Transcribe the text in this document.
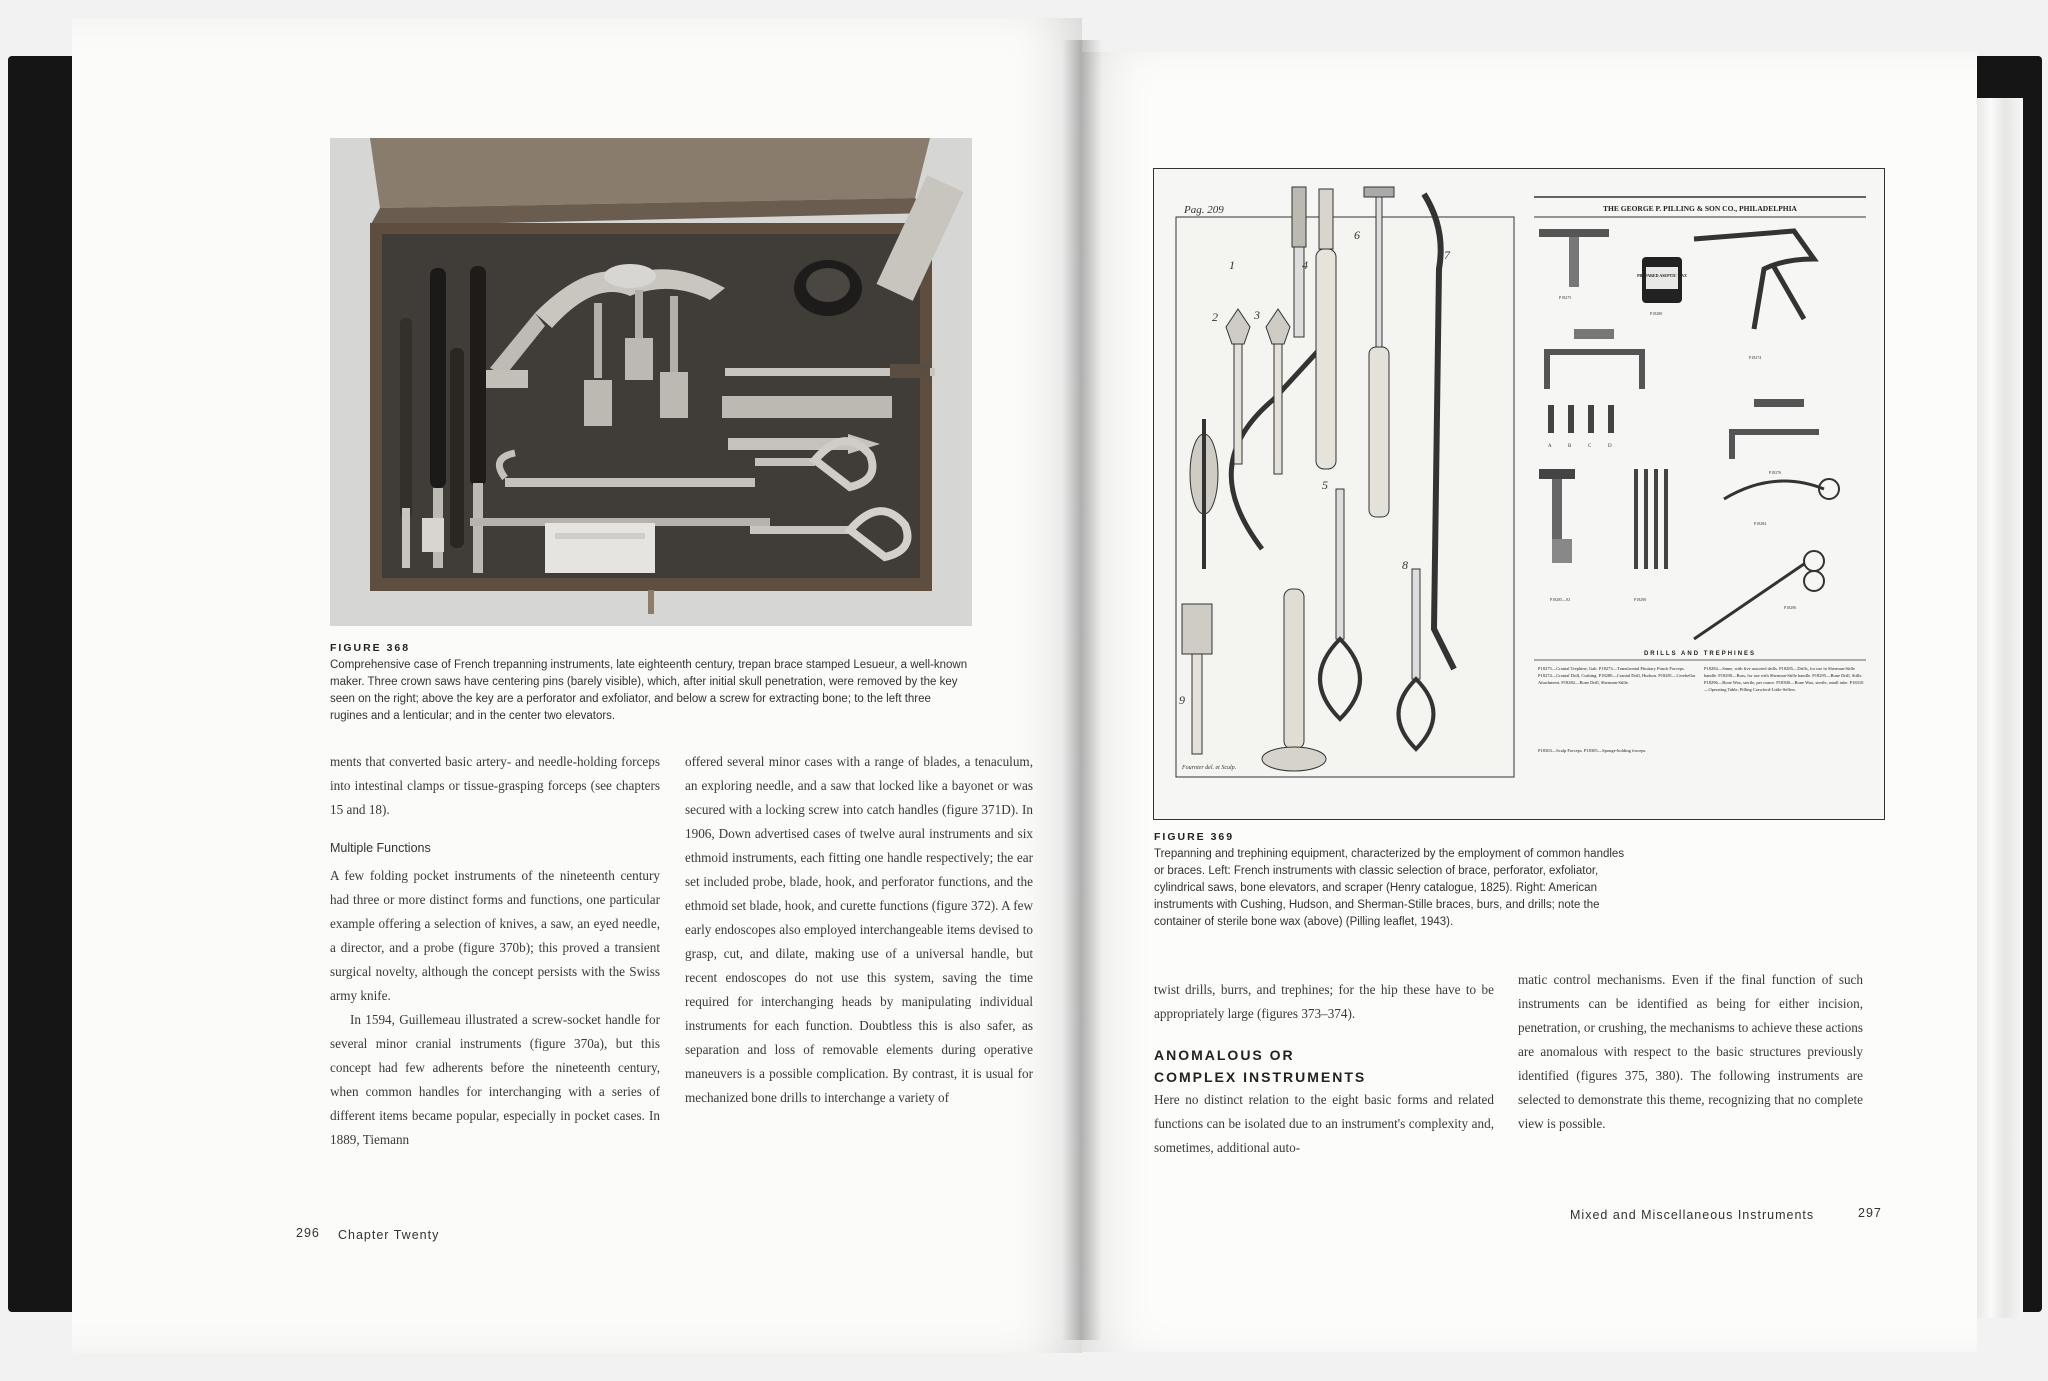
FIGURE 368

Comprehensive case of French trepanning instruments, late eighteenth century, trepan brace stamped Lesueur, a well-known maker. Three crown saws have centering pins (barely visible), which, after initial skull penetration, were removed by the key seen on the right; above the key are a perforator and exfoliator, and below a screw for extracting bone; to the left three rugines and a lenticular; and in the center two elevators.

ments that converted basic artery- and needle-holding forceps into intestinal clamps or tissue-grasping forceps (see chapters 15 and 18).

Multiple Functions

A few folding pocket instruments of the nineteenth century had three or more distinct forms and functions, one particular example offering a selection of knives, a saw, an eyed needle, a director, and a probe (figure 370b); this proved a transient surgical novelty, although the concept persists with the Swiss army knife.

In 1594, Guillemeau illustrated a screw-socket handle for several minor cranial instruments (figure 370a), but this concept had few adherents before the nineteenth century, when common handles for interchanging with a series of different items became popular, especially in pocket cases. In 1889, Tiemann

offered several minor cases with a range of blades, a tenaculum, an exploring needle, and a saw that locked like a bayonet or was secured with a locking screw into catch handles (figure 371D). In 1906, Down advertised cases of twelve aural instruments and six ethmoid instruments, each fitting one handle respectively; the ear set included probe, blade, hook, and perforator functions, and the ethmoid set blade, hook, and curette functions (figure 372). A few early endoscopes also employed interchangeable items devised to grasp, cut, and dilate, making use of a universal handle, but recent endoscopes do not use this system, saving the time required for interchanging heads by manipulating individual instruments for each function. Doubtless this is also safer, as separation and loss of removable elements during operative maneuvers is a possible complication. By contrast, it is usual for mechanized bone drills to interchange a variety of

296 Chapter Twenty
Pag. 209
1
2	3
4
6
7
5
8
9
Fournier del. et Sculp.
THE GEORGE P. PILLING & SON CO., PHILADELPHIA
P18275
PREPARED ASEPTIC WAX
P18280
P18274
A	B	C	D
P18276
P18285—92	P18290
P18284
P18296
DRILLS AND TREPHINES
P18275—Cranial Trephine, Galt. P18273—Transfrontal Pituitary Punch Forceps. P18274—Cranial Drill, Cushing. P18280—Cranial Drill, Hudson. P18281—Cerebellar Attachment. P18282—Bone Drill, Sherman-Stille.
P18284—Same, with five assorted drills. P18285—Drills, for use in Sherman-Stille handle. P18290—Burs, for use with Sherman-Stille handle. P18295—Bone Drill, Stille. P18296—Bone Wax, sterile, per ounce. P18300—Bone Wax, sterile, small tube. P18310—Operating Table, Pilling Crawford-Little-Sellew.
P18303—Scalp Forceps. P18305—Sponge-holding forceps.
FIGURE 369

Trepanning and trephining equipment, characterized by the employment of common handles or braces. Left: French instruments with classic selection of brace, perforator, exfoliator, cylindrical saws, bone elevators, and scraper (Henry catalogue, 1825). Right: American instruments with Cushing, Hudson, and Sherman-Stille braces, burs, and drills; note the container of sterile bone wax (above) (Pilling leaflet, 1943).

twist drills, burrs, and trephines; for the hip these have to be appropriately large (figures 373–374).

ANOMALOUS OR
COMPLEX INSTRUMENTS

Here no distinct relation to the eight basic forms and related functions can be isolated due to an instrument's complexity and, sometimes, additional auto-

matic control mechanisms. Even if the final function of such instruments can be identified as being for either incision, penetration, or crushing, the mechanisms to achieve these actions are anomalous with respect to the basic structures previously identified (figures 375, 380). The following instruments are selected to demonstrate this theme, recognizing that no complete view is possible.

Mixed and Miscellaneous Instruments	297
